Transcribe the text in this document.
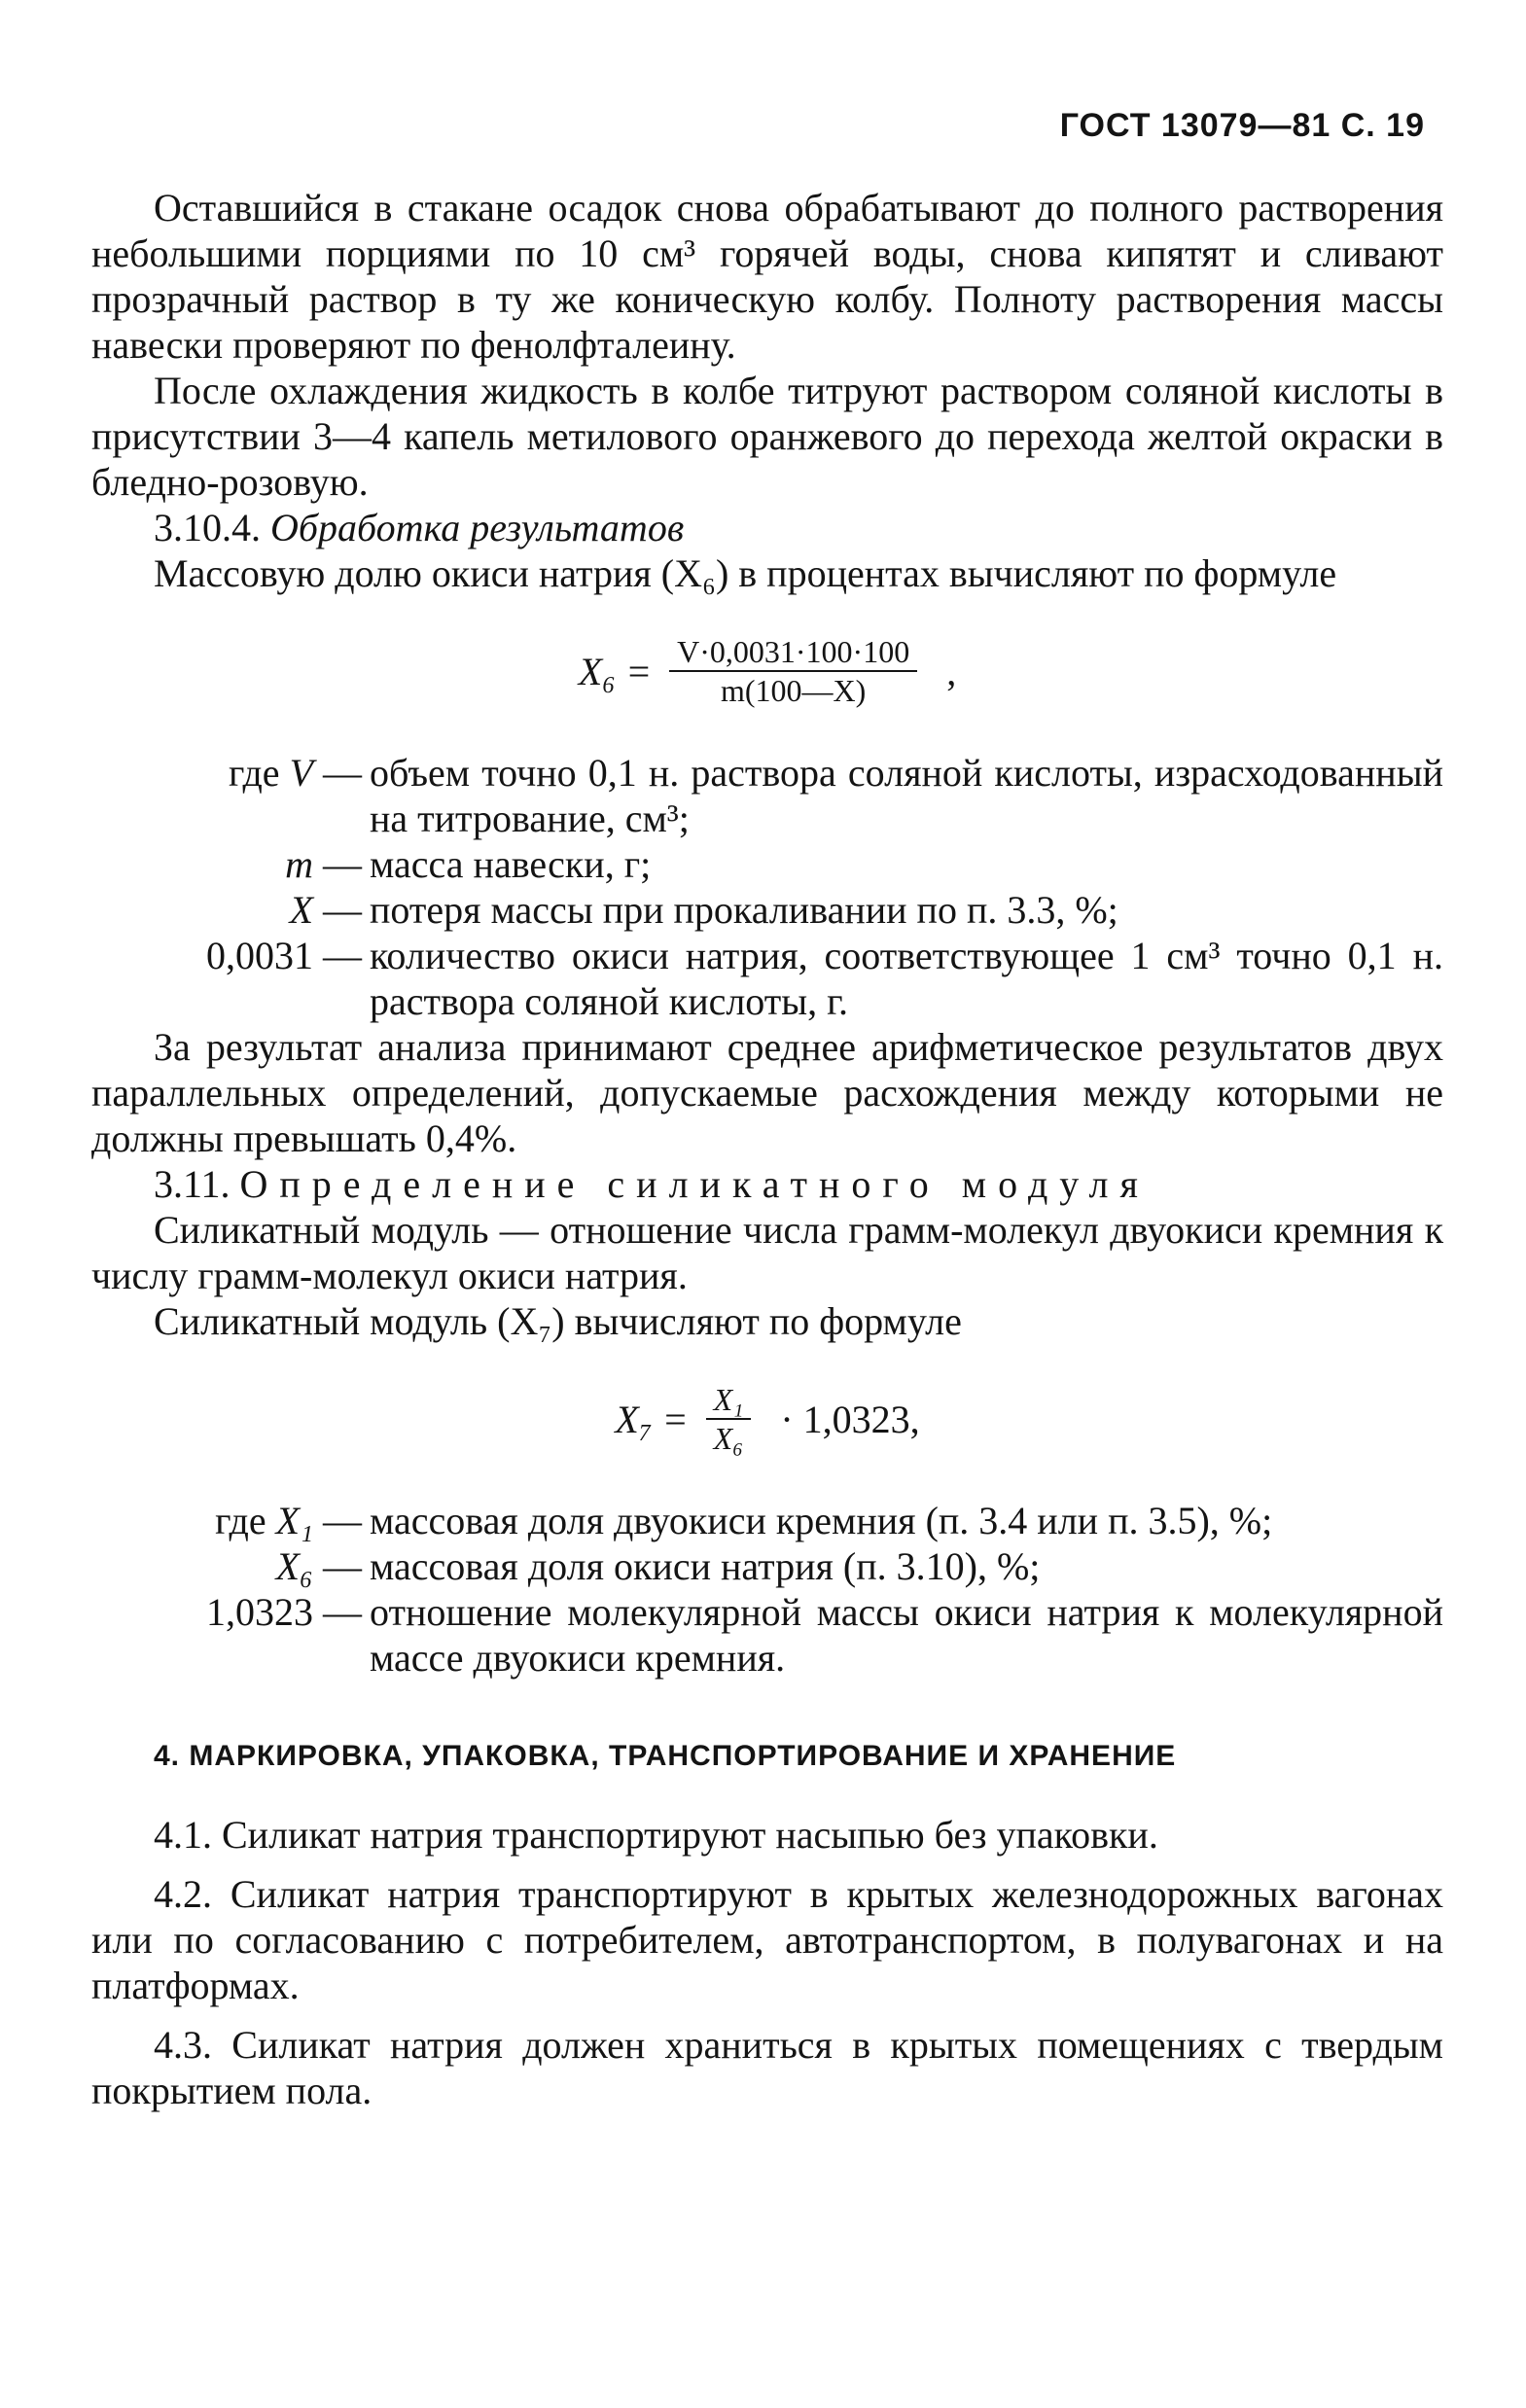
ГОСТ 13079—81 С. 19

Оставшийся в стакане осадок снова обрабатывают до полного растворения небольшими порциями по 10 см³ горячей воды, снова кипятят и сливают прозрачный раствор в ту же коническую колбу. Полноту растворения массы навески проверяют по фенолфталеину.

После охлаждения жидкость в колбе титруют раствором соляной кислоты в присутствии 3—4 капель метилового оранжевого до перехода желтой окраски в бледно-розовую.

3.10.4. Обработка результатов

Массовую долю окиси натрия (X₆) в процентах вычисляют по формуле

$X_6 = \frac{V\cdot 0,0031\cdot 100\cdot 100}{m(100—X)}$ ,
где V — объем точно 0,1 н. раствора соляной кислоты, израсходованный на титрование, см³;
m — масса навески, г;
X — потеря массы при прокаливании по п. 3.3, %;
0,0031 — количество окиси натрия, соответствующее 1 см³ точно 0,1 н. раствора соляной кислоты, г.

За результат анализа принимают среднее арифметическое результатов двух параллельных определений, допускаемые расхождения между которыми не должны превышать 0,4%.

3.11. Определение силикатного модуля

Силикатный модуль — отношение числа грамм-молекул двуокиси кремния к числу грамм-молекул окиси натрия.

Силикатный модуль (X₇) вычисляют по формуле

$X_7 = \frac{\text{X₁}}{\text{X₆}} \cdot 1,0323$,
где X₁ — массовая доля двуокиси кремния (п. 3.4 или п. 3.5), %;
X₆ — массовая доля окиси натрия (п. 3.10), %;
1,0323 — отношение молекулярной массы окиси натрия к молекулярной массе двуокиси кремния.
4. МАРКИРОВКА, УПАКОВКА, ТРАНСПОРТИРОВАНИЕ И ХРАНЕНИЕ

4.1. Силикат натрия транспортируют насыпью без упаковки.

4.2. Силикат натрия транспортируют в крытых железнодорожных вагонах или по согласованию с потребителем, автотранспортом, в полувагонах и на платформах.

4.3. Силикат натрия должен храниться в крытых помещениях с твердым покрытием пола.
